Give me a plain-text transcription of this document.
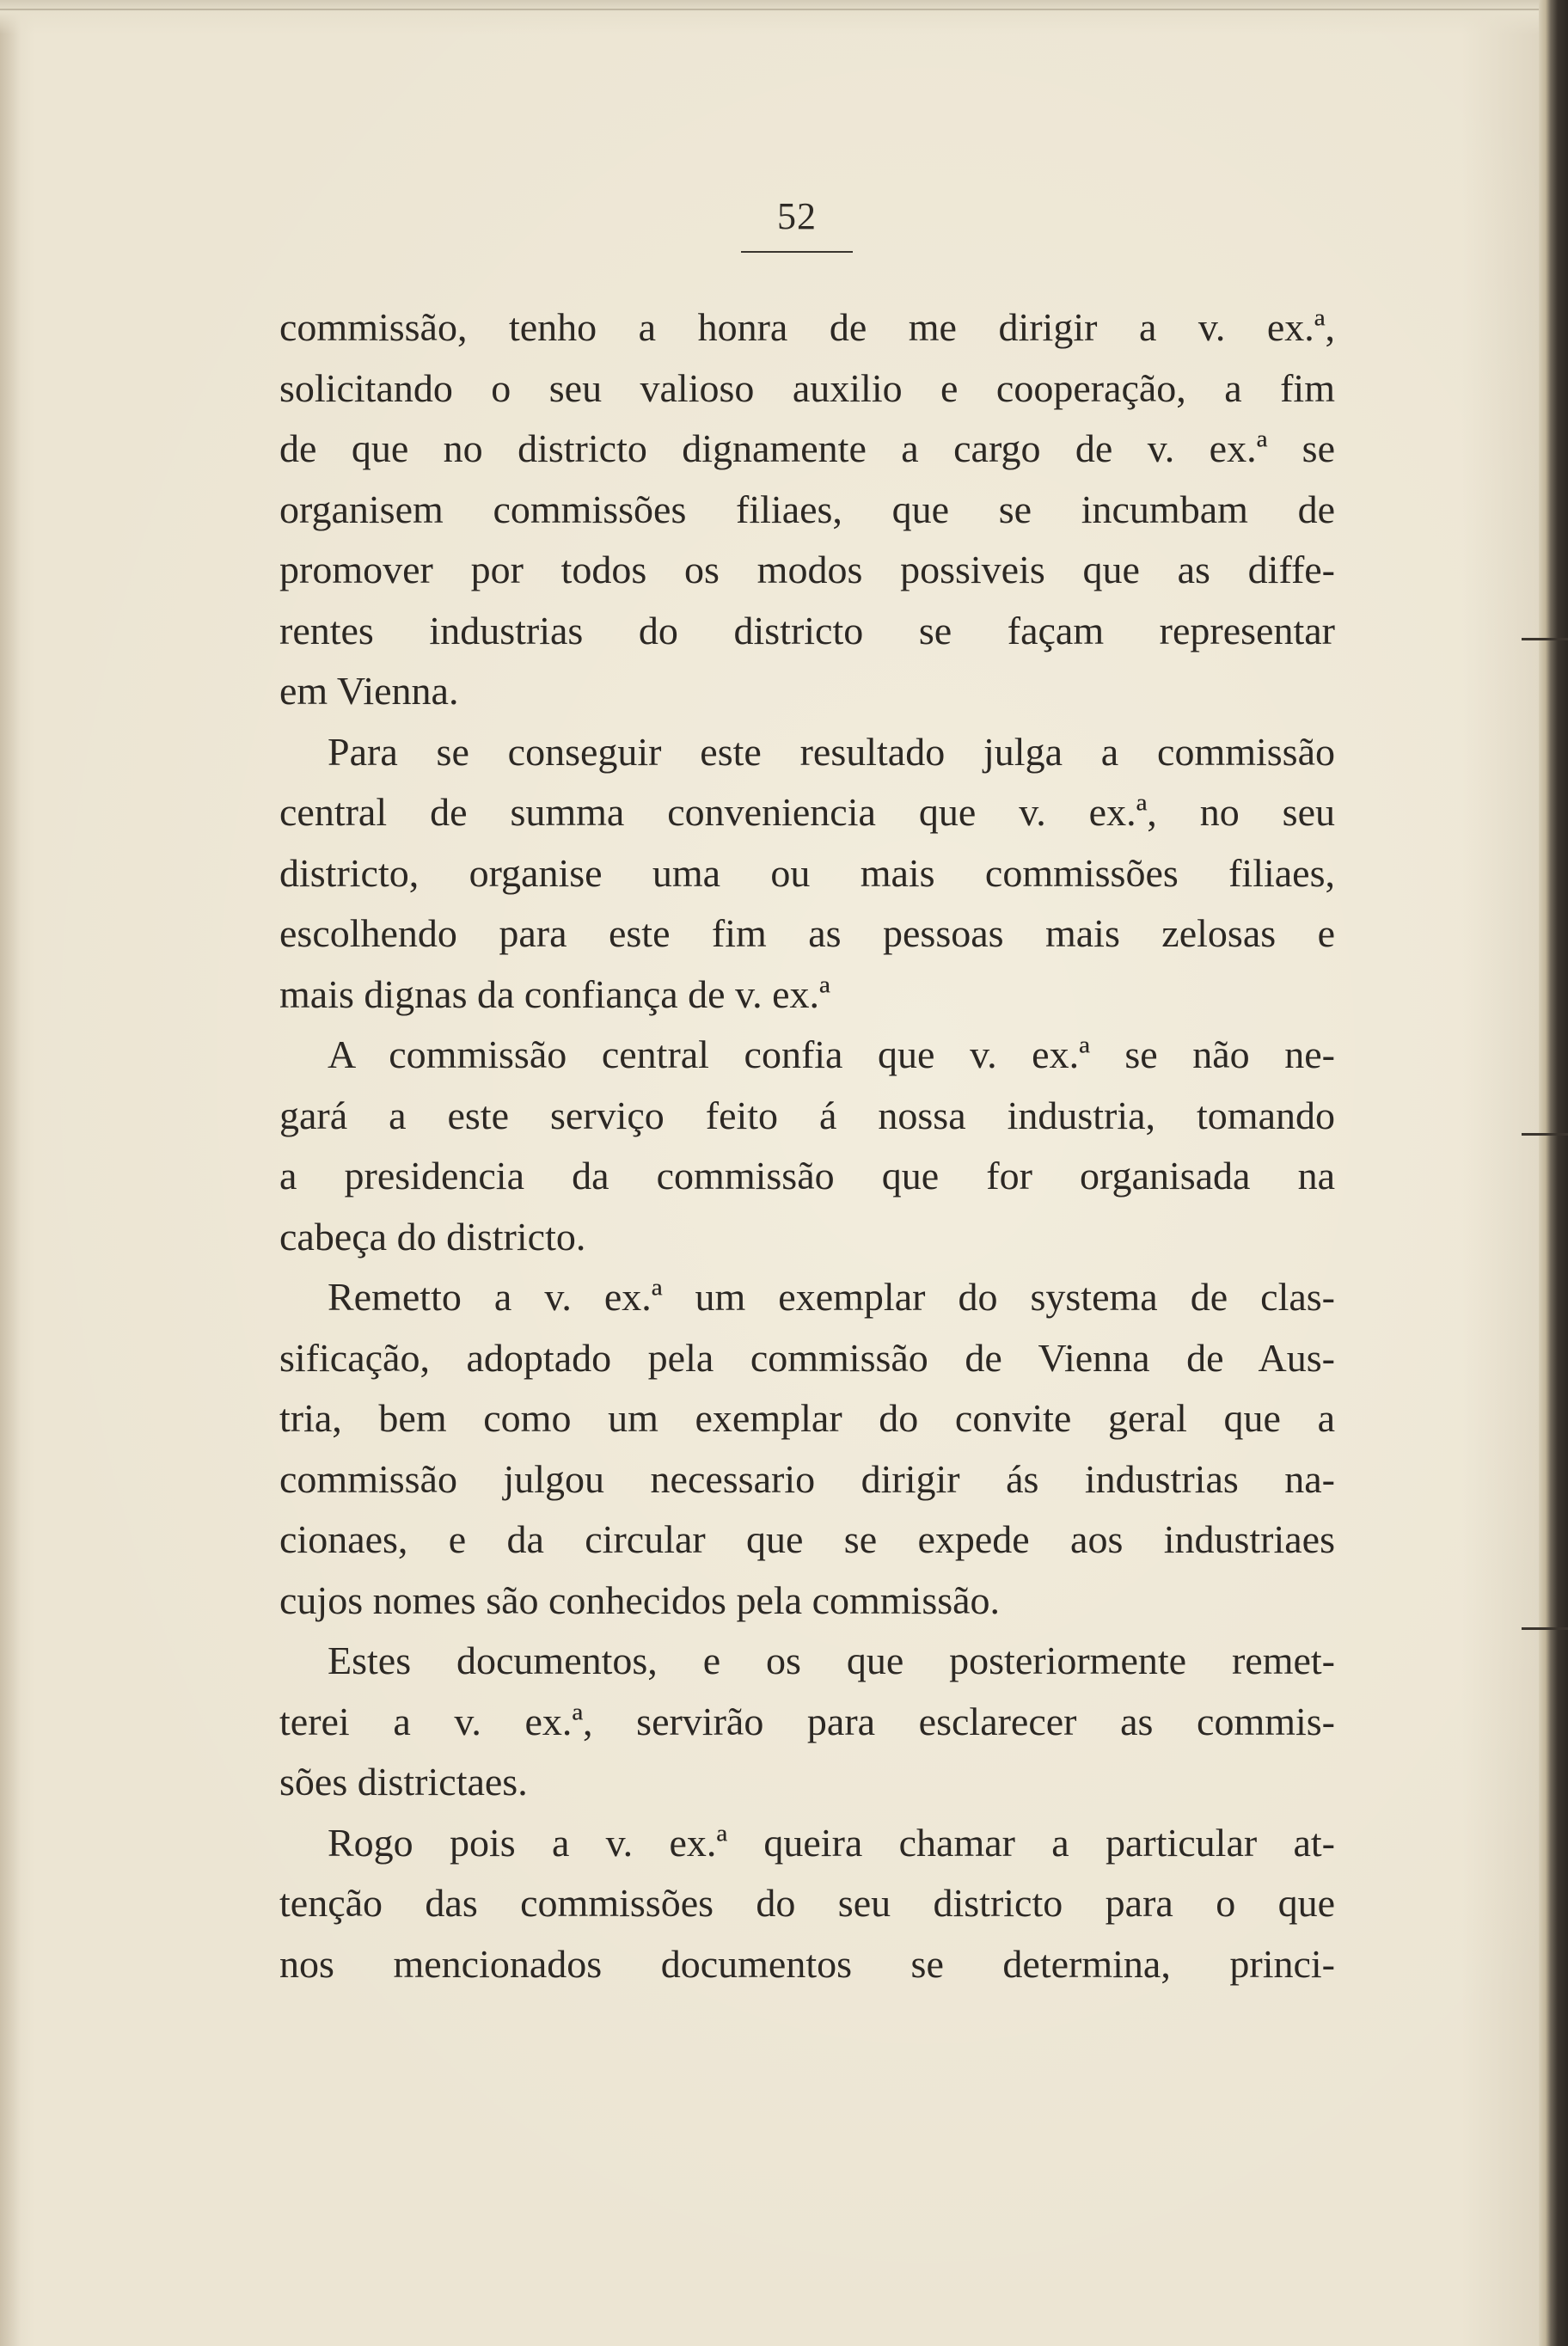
52
commissão, tenho a honra de me dirigir a v. ex.ª,
solicitando o seu valioso auxilio e cooperação, a fim
de que no districto dignamente a cargo de v. ex.ª se
organisem commissões filiaes, que se incumbam de
promover por todos os modos possiveis que as diffe-
rentes industrias do districto se façam representar
em Vienna.
Para se conseguir este resultado julga a commissão
central de summa conveniencia que v. ex.ª, no seu
districto, organise uma ou mais commissões filiaes,
escolhendo para este fim as pessoas mais zelosas e
mais dignas da confiança de v. ex.ª
A commissão central confia que v. ex.ª se não ne-
gará a este serviço feito á nossa industria, tomando
a presidencia da commissão que for organisada na
cabeça do districto.
Remetto a v. ex.ª um exemplar do systema de clas-
sificação, adoptado pela commissão de Vienna de Aus-
tria, bem como um exemplar do convite geral que a
commissão julgou necessario dirigir ás industrias na-
cionaes, e da circular que se expede aos industriaes
cujos nomes são conhecidos pela commissão.
Estes documentos, e os que posteriormente remet-
terei a v. ex.ª, servirão para esclarecer as commis-
sões districtaes.
Rogo pois a v. ex.ª queira chamar a particular at-
tenção das commissões do seu districto para o que
nos mencionados documentos se determina, princi-
